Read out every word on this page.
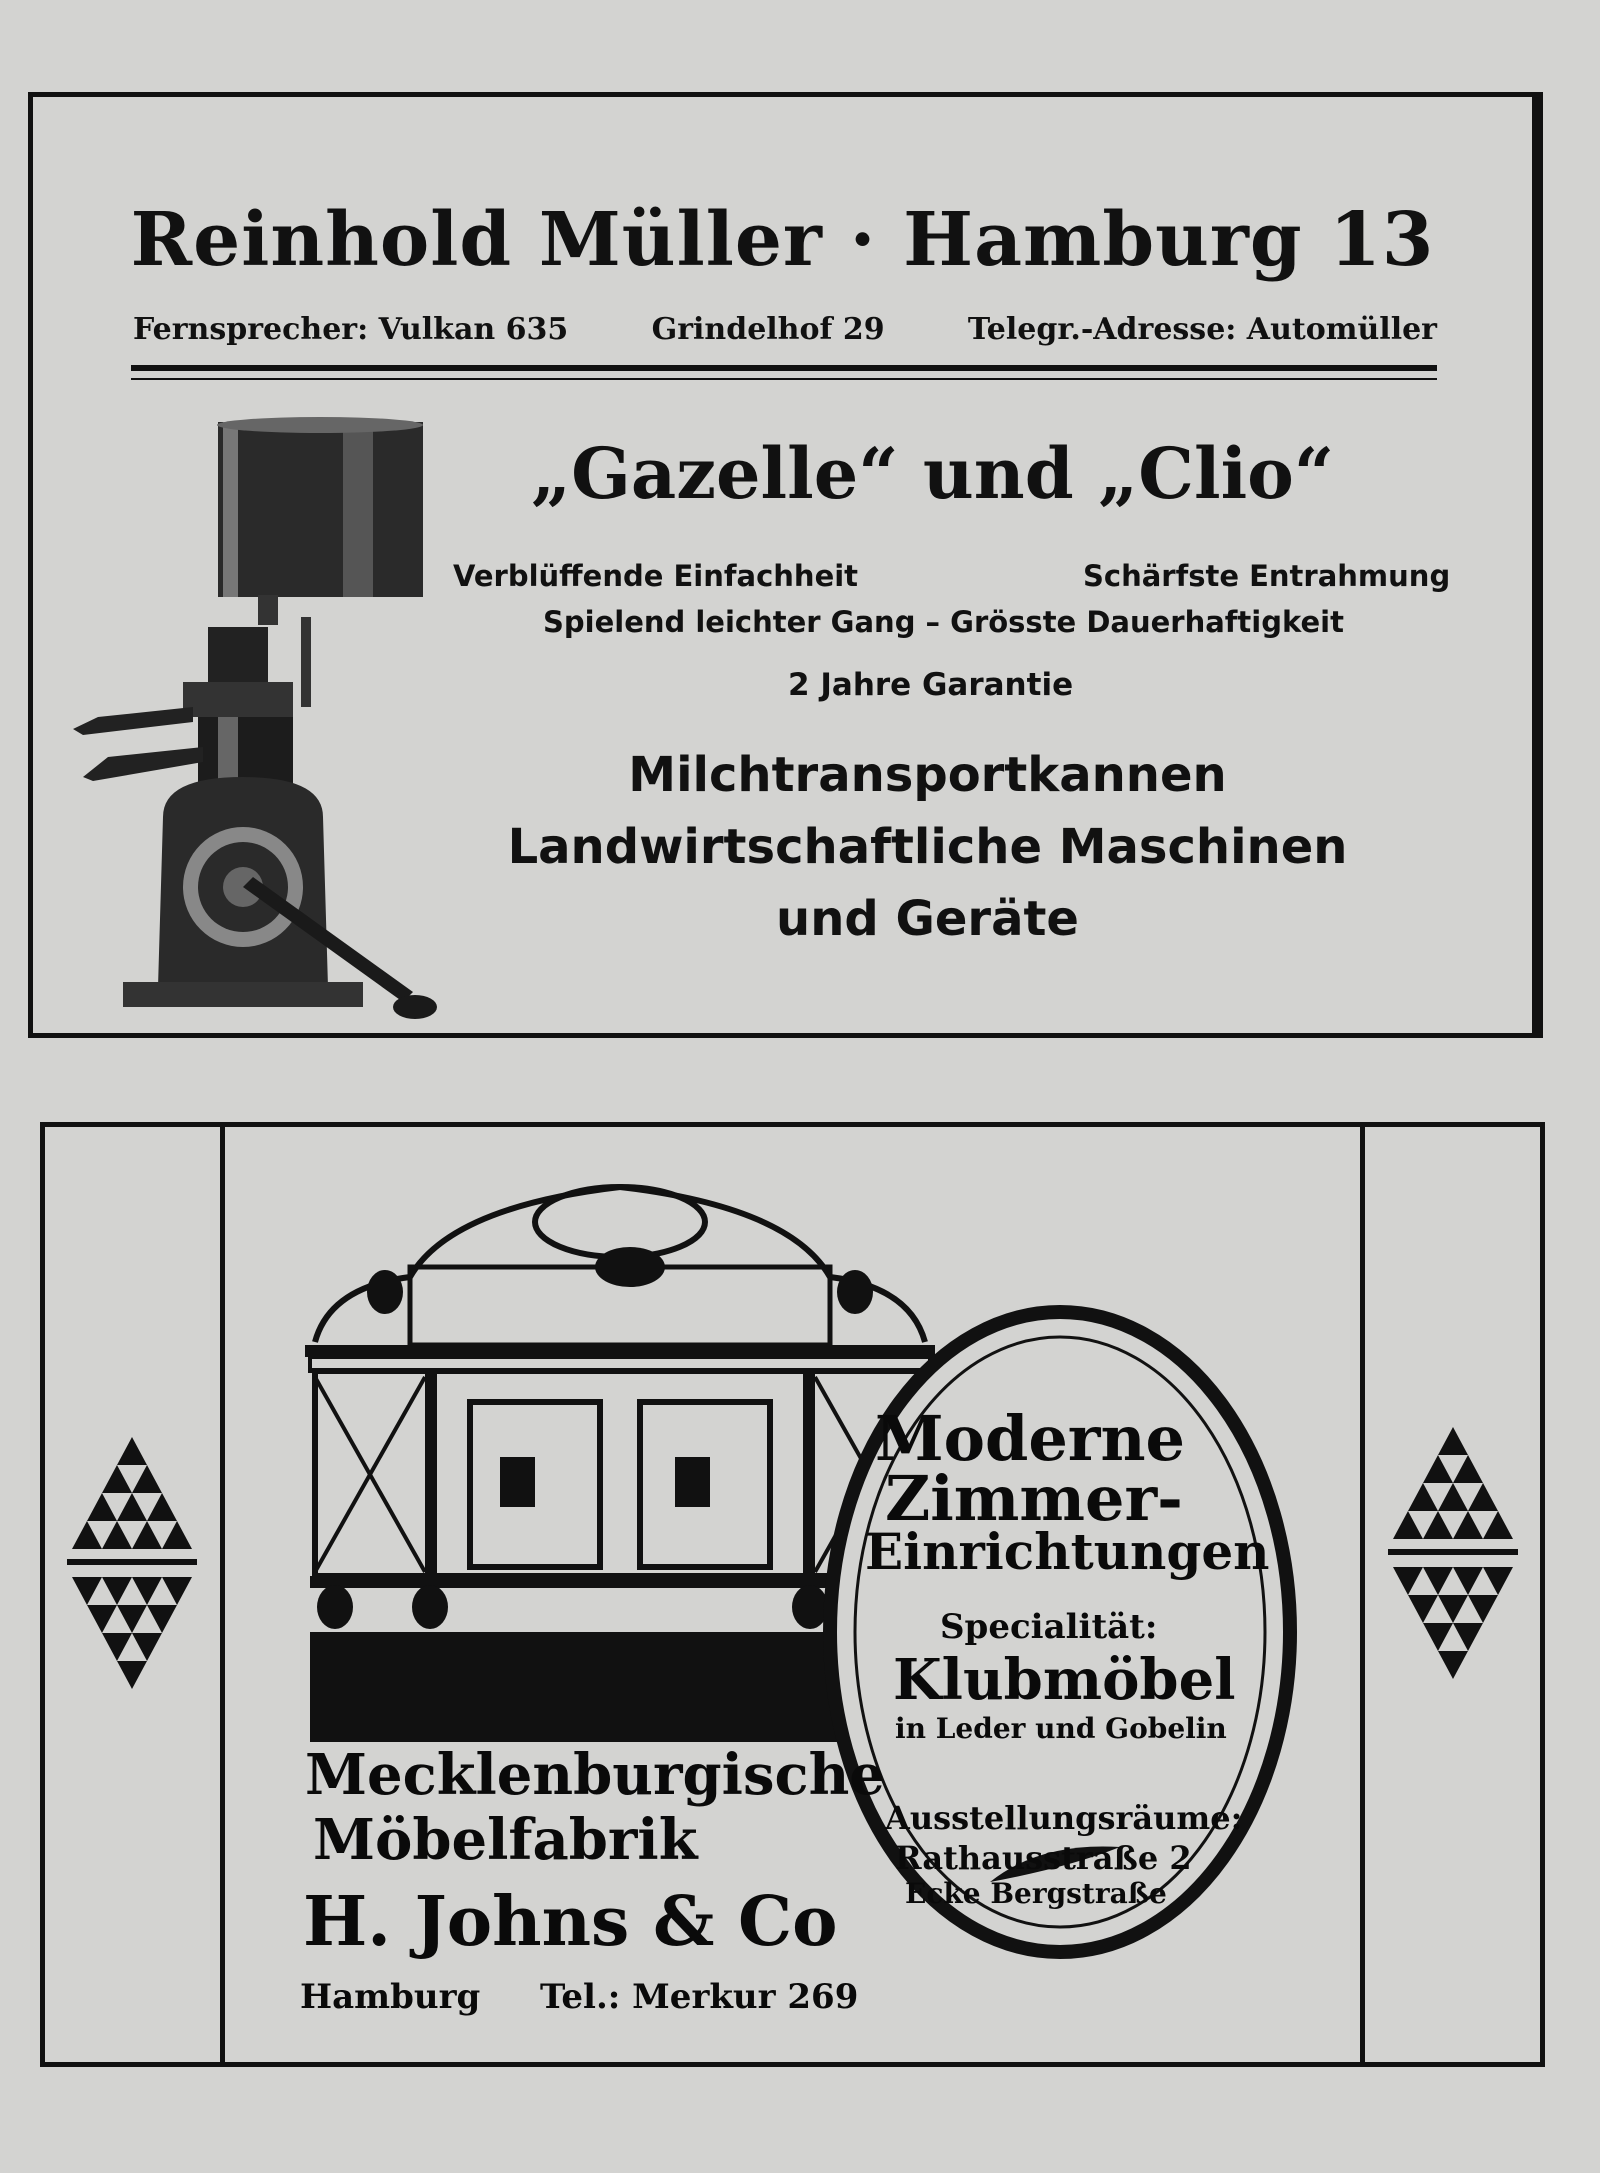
Reinhold Müller · Hamburg 13
Fernsprecher: Vulkan 635	Grindelhof 29	Telegr.-Adresse: Automüller
„Gazelle“ und „Clio“
Verblüffende Einfachheit	Schärfste Entrahmung
Spielend leichter Gang – Grösste Dauerhaftigkeit
2 Jahre Garantie
Milchtransportkannen
Landwirtschaftliche Maschinen
und Geräte
Moderne
Zimmer-
Einrichtungen
Specialität:
Klubmöbel
in Leder und Gobelin
Ausstellungsräume:
Rathausstraße 2
Ecke Bergstraße
Mecklenburgische
Möbelfabrik
H. Johns & Co
Hamburg Tel.: Merkur 269
